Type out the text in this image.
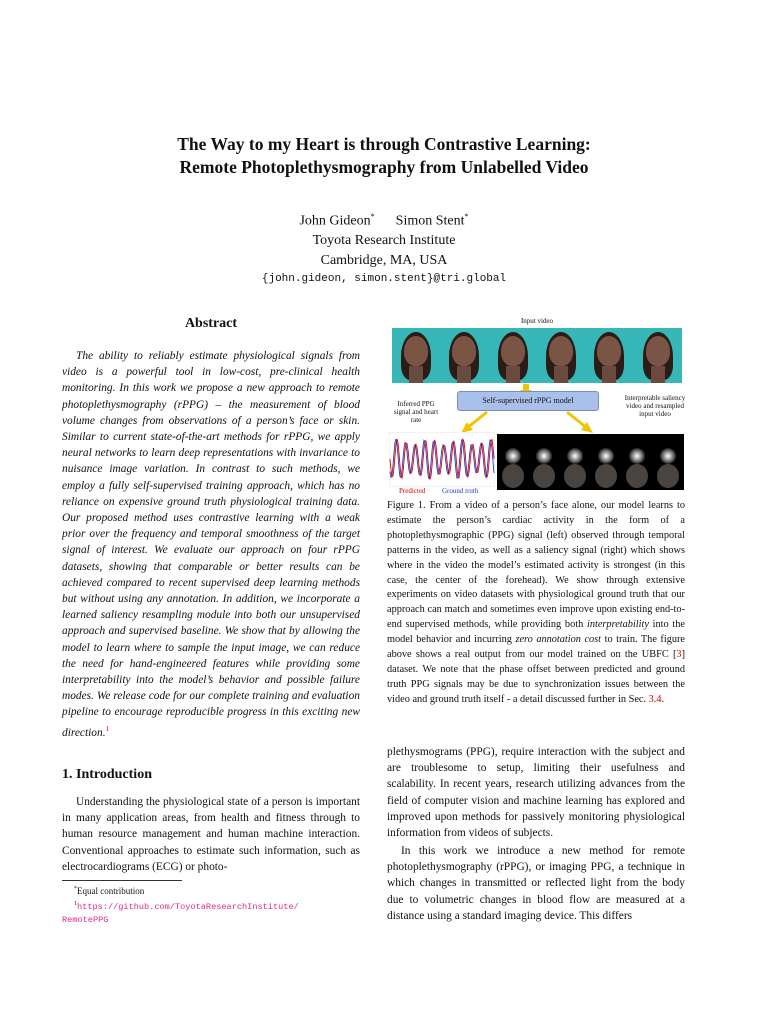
The Way to my Heart is through Contrastive Learning:
Remote Photoplethysmography from Unlabelled Video
John Gideon* Simon Stent*
Toyota Research Institute
Cambridge, MA, USA
{john.gideon, simon.stent}@tri.global
Abstract
The ability to reliably estimate physiological signals from video is a powerful tool in low-cost, pre-clinical health monitoring. In this work we propose a new approach to remote photoplethysmography (rPPG) – the measurement of blood volume changes from observations of a person’s face or skin. Similar to current state-of-the-art methods for rPPG, we apply neural networks to learn deep representations with invariance to nuisance image variation. In contrast to such methods, we employ a fully self-supervised training approach, which has no reliance on expensive ground truth physiological training data. Our proposed method uses contrastive learning with a weak prior over the frequency and temporal smoothness of the target signal of interest. We evaluate our approach on four rPPG datasets, showing that comparable or better results can be achieved compared to recent supervised deep learning methods but without using any annotation. In addition, we incorporate a learned saliency resampling module into both our unsupervised approach and supervised baseline. We show that by allowing the model to learn where to sample the input image, we can reduce the need for hand-engineered features while providing some interpretability into the model’s behavior and possible failure modes. We release code for our complete training and evaluation pipeline to encourage reproducible progress in this exciting new direction.$^1$
1. Introduction
Understanding the physiological state of a person is important in many application areas, from health and fitness through to human resource management and human machine interaction. Conventional approaches to estimate such information, such as electrocardiograms (ECG) or photo-
*Equal contribution
$^1$https://github.com/ToyotaResearchInstitute/
RemotePPG
Input video
Self-supervised rPPG model
Inferred PPG signal and heart rate
Interpretable saliency video and resampled input video
Predicted Ground truth
Figure 1. From a video of a person’s face alone, our model learns to estimate the person’s cardiac activity in the form of a photoplethysmographic (PPG) signal (left) observed through temporal patterns in the video, as well as a saliency signal (right) which shows where in the video the model’s estimated activity is strongest (in this case, the center of the forehead). We show through extensive experiments on video datasets with physiological ground truth that our approach can match and sometimes even improve upon existing end-to-end supervised methods, while providing both interpretability into the model behavior and incurring zero annotation cost to train. The figure above shows a real output from our model trained on the UBFC [3] dataset. We note that the phase offset between predicted and ground truth PPG signals may be due to synchronization issues between the video and ground truth itself - a detail discussed further in Sec. 3.4.
plethysmograms (PPG), require interaction with the subject and are troublesome to setup, limiting their usefulness and scalability. In recent years, research utilizing advances from the field of computer vision and machine learning has explored and improved upon methods for passively monitoring physiological information from videos of subjects.
In this work we introduce a new method for remote photoplethysmography (rPPG), or imaging PPG, a technique in which changes in transmitted or reflected light from the body due to volumetric changes in blood flow are measured at a distance using a standard imaging device. This differs
